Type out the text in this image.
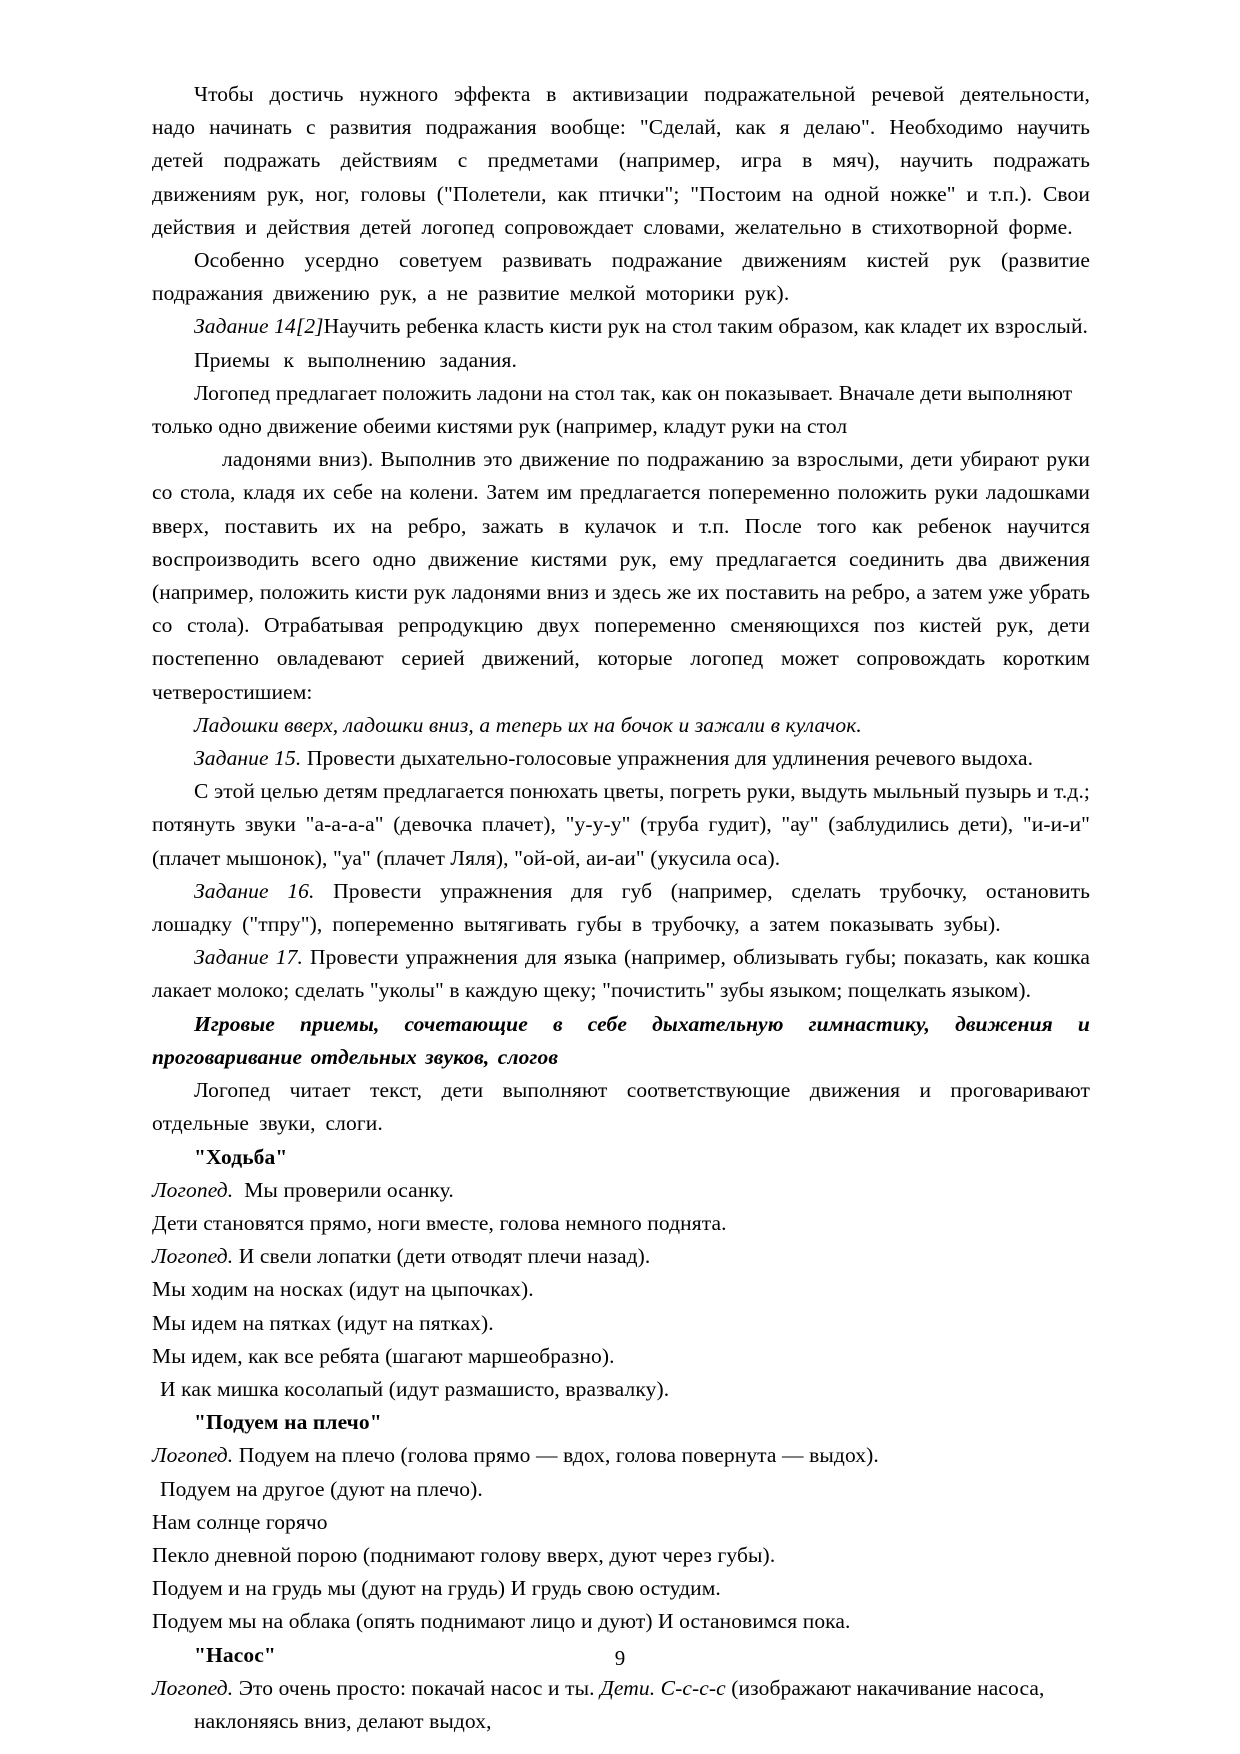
Чтобы достичь нужного эффекта в активизации подражательной речевой деятельности, надо начинать с развития подражания вообще: "Сделай, как я делаю". Необходимо научить детей подражать действиям с предметами (например, игра в мяч), научить подражать движениям рук, ног, головы ("Полетели, как птички"; "Постоим на одной ножке" и т.п.). Свои действия и действия детей логопед сопровождает словами, желательно в стихотворной форме.

Особенно усердно советуем развивать подражание движениям кистей рук (развитие подражания движению рук, а не развитие мелкой моторики рук).

Задание 14[2]Научить ребенка класть кисти рук на стол таким образом, как кладет их взрослый.

Приемы к выполнению задания.

Логопед предлагает положить ладони на стол так, как он показывает. Вначале дети выполняют только одно движение обеими кистями рук (например, кладут руки на стол

ладонями вниз). Выполнив это движение по подражанию за взрослыми, дети убирают руки со стола, кладя их себе на колени. Затем им предлагается попеременно положить руки ладошками вверх, поставить их на ребро, зажать в кулачок и т.п. После того как ребенок научится воспроизводить всего одно движение кистями рук, ему предлагается соединить два движения (например, положить кисти рук ладонями вниз и здесь же их поставить на ребро, а затем уже убрать со стола). Отрабатывая репродукцию двух попеременно сменяющихся поз кистей рук, дети постепенно овладевают серией движений, которые логопед может сопровождать коротким четверостишием:

Ладошки вверх, ладошки вниз, а теперь их на бочок и зажали в кулачок.

Задание 15. Провести дыхательно-голосовые упражнения для удлинения речевого выдоха.

С этой целью детям предлагается понюхать цветы, погреть руки, выдуть мыльный пузырь и т.д.; потянуть звуки "а-а-а-а" (девочка плачет), "у-у-у" (труба гудит), "ау" (заблудились дети), "и-и-и" (плачет мышонок), "уа" (плачет Ляля), "ой-ой, аи-аи" (укусила оса).

Задание 16. Провести упражнения для губ (например, сделать трубочку, остановить лошадку ("тпру"), попеременно вытягивать губы в трубочку, а затем показывать зубы).

Задание 17. Провести упражнения для языка (например, облизывать губы; показать, как кошка лакает молоко; сделать "уколы" в каждую щеку; "почистить" зубы языком; пощелкать языком).

Игровые приемы, сочетающие в себе дыхательную гимнастику, движения и проговаривание отдельных звуков, слогов

Логопед читает текст, дети выполняют соответствующие движения и проговаривают отдельные звуки, слоги.

"Ходьба"

Логопед. Мы проверили осанку.

Дети становятся прямо, ноги вместе, голова немного поднята.

Логопед. И свели лопатки (дети отводят плечи назад).

Мы ходим на носках (идут на цыпочках).

Мы идем на пятках (идут на пятках).

Мы идем, как все ребята (шагают маршеобразно).

И как мишка косолапый (идут размашисто, вразвалку).

"Подуем на плечо"

Логопед. Подуем на плечо (голова прямо — вдох, голова повернута — выдох).

Подуем на другое (дуют на плечо).

Нам солнце горячо

Пекло дневной порою (поднимают голову вверх, дуют через губы).

Подуем и на грудь мы (дуют на грудь) И грудь свою остудим.

Подуем мы на облака (опять поднимают лицо и дуют) И остановимся пока.

"Насос"

Логопед. Это очень просто: покачай насос и ты. Дети. С-с-с-с (изображают накачивание насоса,

наклоняясь вниз, делают выдох,

9
